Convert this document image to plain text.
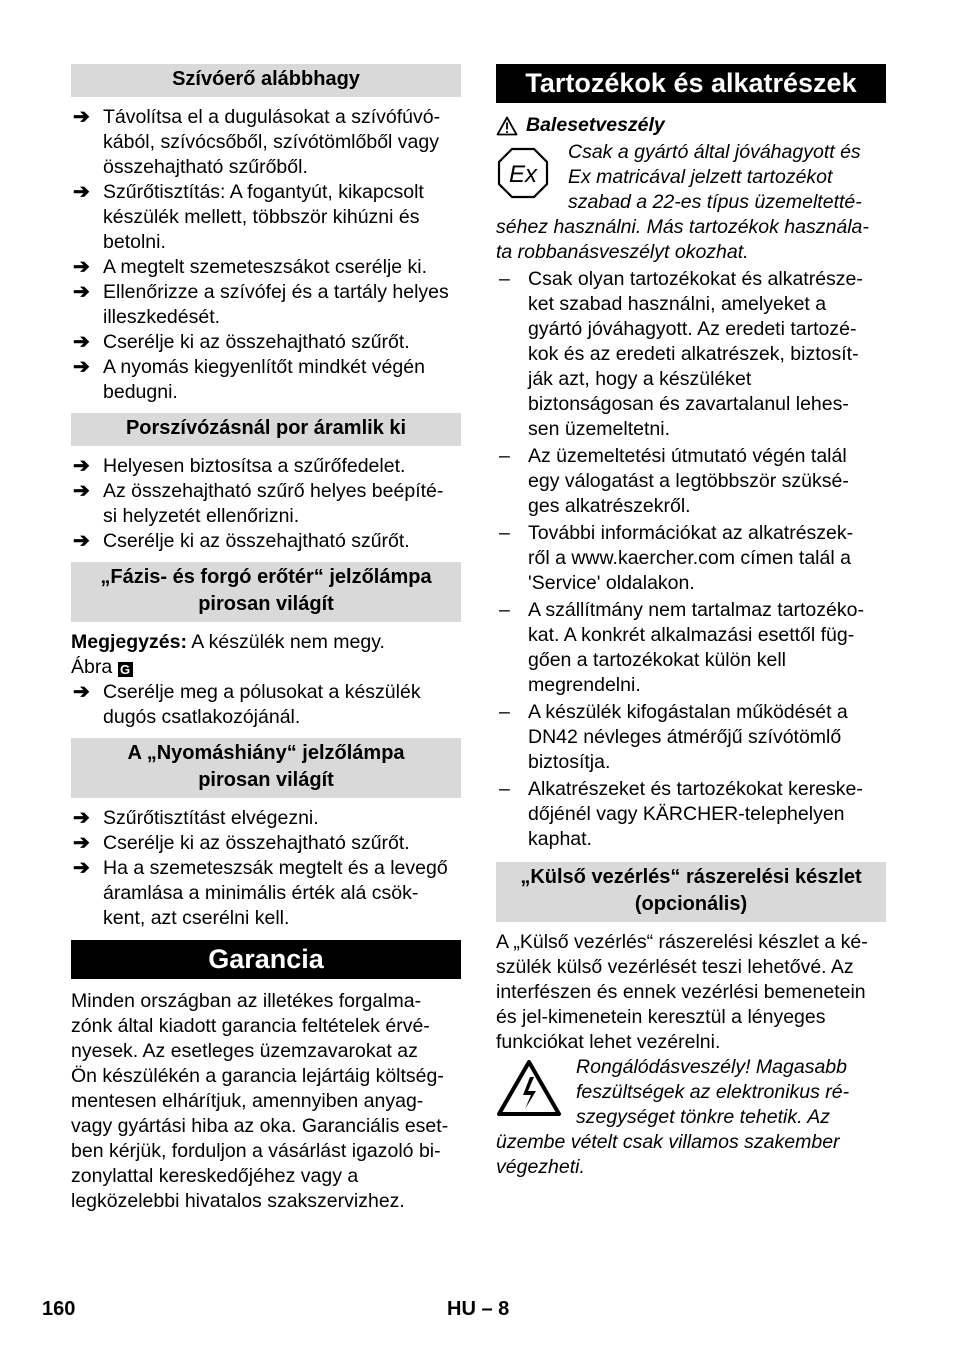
Szívóerő alábbhagy
➔ Távolítsa el a dugulásokat a szívófúvó-
kából, szívócsőből, szívótömlőből vagy
összehajtható szűrőből.
➔ Szűrőtisztítás: A fogantyút, kikapcsolt
készülék mellett, többször kihúzni és
betolni.
➔ A megtelt szemeteszsákot cserélje ki.
➔ Ellenőrizze a szívófej és a tartály helyes
illeszkedését.
➔ Cserélje ki az összehajtható szűrőt.
➔ A nyomás kiegyenlítőt mindkét végén
bedugni.
Porszívózásnál por áramlik ki
➔ Helyesen biztosítsa a szűrőfedelet.
➔ Az összehajtható szűrő helyes beépíté-
si helyzetét ellenőrizni.
➔ Cserélje ki az összehajtható szűrőt.
„Fázis- és forgó erőtér“ jelzőlámpa
pirosan világít

Megjegyzés: A készülék nem megy.

Ábra G

➔ Cserélje meg a pólusokat a készülék
dugós csatlakozójánál.
A „Nyomáshiány“ jelzőlámpa
pirosan világít
➔ Szűrőtisztítást elvégezni.
➔ Cserélje ki az összehajtható szűrőt.
➔ Ha a szemeteszsák megtelt és a levegő
áramlása a minimális érték alá csök-
kent, azt cserélni kell.
Garancia
Minden országban az illetékes forgalma-
zónk által kiadott garancia feltételek érvé-
nyesek. Az esetleges üzemzavarokat az
Ön készülékén a garancia lejártáig költség-
mentesen elhárítjuk, amennyiben anyag-
vagy gyártási hiba az oka. Garanciális eset-
ben kérjük, forduljon a vásárlást igazoló bi-
zonylattal kereskedőjéhez vagy a
legközelebbi hivatalos szakszervizhez.
Tartozékok és alkatrészek
Balesetveszély
Ex
Csak a gyártó által jóváhagyott és
Ex matricával jelzett tartozékot
szabad a 22-es típus üzemeltetté-
séhez használni. Más tartozékok használa-
ta robbanásveszélyt okozhat.
– Csak olyan tartozékokat és alkatrésze-
ket szabad használni, amelyeket a
gyártó jóváhagyott. Az eredeti tartozé-
kok és az eredeti alkatrészek, biztosít-
ják azt, hogy a készüléket
biztonságosan és zavartalanul lehes-
sen üzemeltetni.
– Az üzemeltetési útmutató végén talál
egy válogatást a legtöbbször szüksé-
ges alkatrészekről.
– További információkat az alkatrészek-
ről a www.kaercher.com címen talál a
'Service' oldalakon.
– A szállítmány nem tartalmaz tartozéko-
kat. A konkrét alkalmazási esettől füg-
gően a tartozékokat külön kell
megrendelni.
– A készülék kifogástalan működését a
DN42 névleges átmérőjű szívótömlő
biztosítja.
– Alkatrészeket és tartozékokat kereske-
dőjénél vagy KÄRCHER-telephelyen
kaphat.
„Külső vezérlés“ rászerelési készlet
(opcionális)
A „Külső vezérlés“ rászerelési készlet a ké-
szülék külső vezérlését teszi lehetővé. Az
interfészen és ennek vezérlési bemenetein
és jel-kimenetein keresztül a lényeges
funkciókat lehet vezérelni.
Rongálódásveszély! Magasabb
feszültségek az elektronikus ré-
szegységet tönkre tehetik. Az
üzembe vételt csak villamos szakember
végezheti.
160	HU – 8
